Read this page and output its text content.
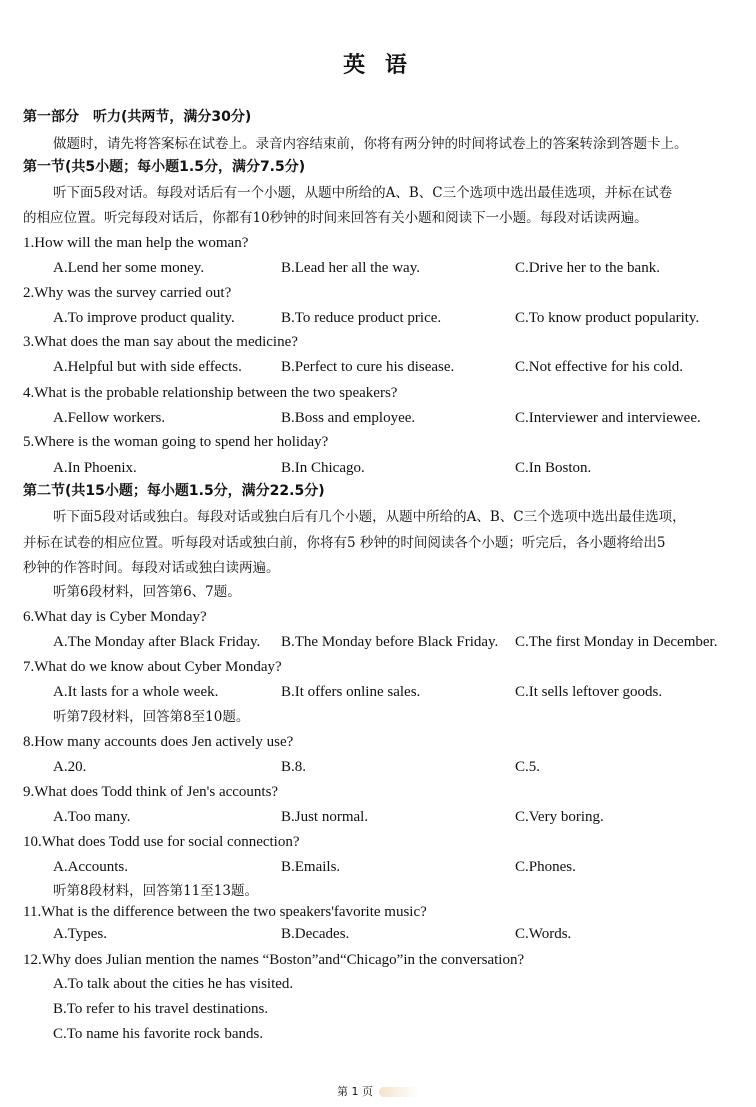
英 语
第一部分　听力(共两节，满分30分)
做题时，请先将答案标在试卷上。录音内容结束前，你将有两分钟的时间将试卷上的答案转涂到答题卡上。
第一节(共5小题；每小题1.5分，满分7.5分)
听下面5段对话。每段对话后有一个小题，从题中所给的A、B、C三个选项中选出最佳选项，并标在试卷
的相应位置。听完每段对话后，你都有10秒钟的时间来回答有关小题和阅读下一小题。每段对话读两遍。
1.How will the man help the woman?
A.Lend her some money.	B.Lead her all the way.	C.Drive her to the bank.
2.Why was the survey carried out?
A.To improve product quality.	B.To reduce product price.	C.To know product popularity.
3.What does the man say about the medicine?
A.Helpful but with side effects.	B.Perfect to cure his disease.	C.Not effective for his cold.
4.What is the probable relationship between the two speakers?
A.Fellow workers.	B.Boss and employee.	C.Interviewer and interviewee.
5.Where is the woman going to spend her holiday?
A.In Phoenix.	B.In Chicago.	C.In Boston.
第二节(共15小题；每小题1.5分，满分22.5分)
听下面5段对话或独白。每段对话或独白后有几个小题，从题中所给的A、B、C三个选项中选出最佳选项，
并标在试卷的相应位置。听每段对话或独白前，你将有5 秒钟的时间阅读各个小题；听完后，各小题将给出5
秒钟的作答时间。每段对话或独白读两遍。
听第6段材料，回答第6、7题。
6.What day is Cyber Monday?
A.The Monday after Black Friday. B.The Monday before Black Friday. C.The first Monday in December.
7.What do we know about Cyber Monday?
A.It lasts for a whole week.	B.It offers online sales.	C.It sells leftover goods.
听第7段材料，回答第8至10题。
8.How many accounts does Jen actively use?
A.20.	B.8.	C.5.
9.What does Todd think of Jen's accounts?
A.Too many.	B.Just normal.	C.Very boring.
10.What does Todd use for social connection?
A.Accounts.	B.Emails.	C.Phones.
听第8段材料，回答第11至13题。
11.What is the difference between the two speakers'favorite music?
A.Types.	B.Decades.	C.Words.
12.Why does Julian mention the names “Boston”and“Chicago”in the conversation?
A.To talk about the cities he has visited.
B.To refer to his travel destinations.
C.To name his favorite rock bands.
第 1 页
